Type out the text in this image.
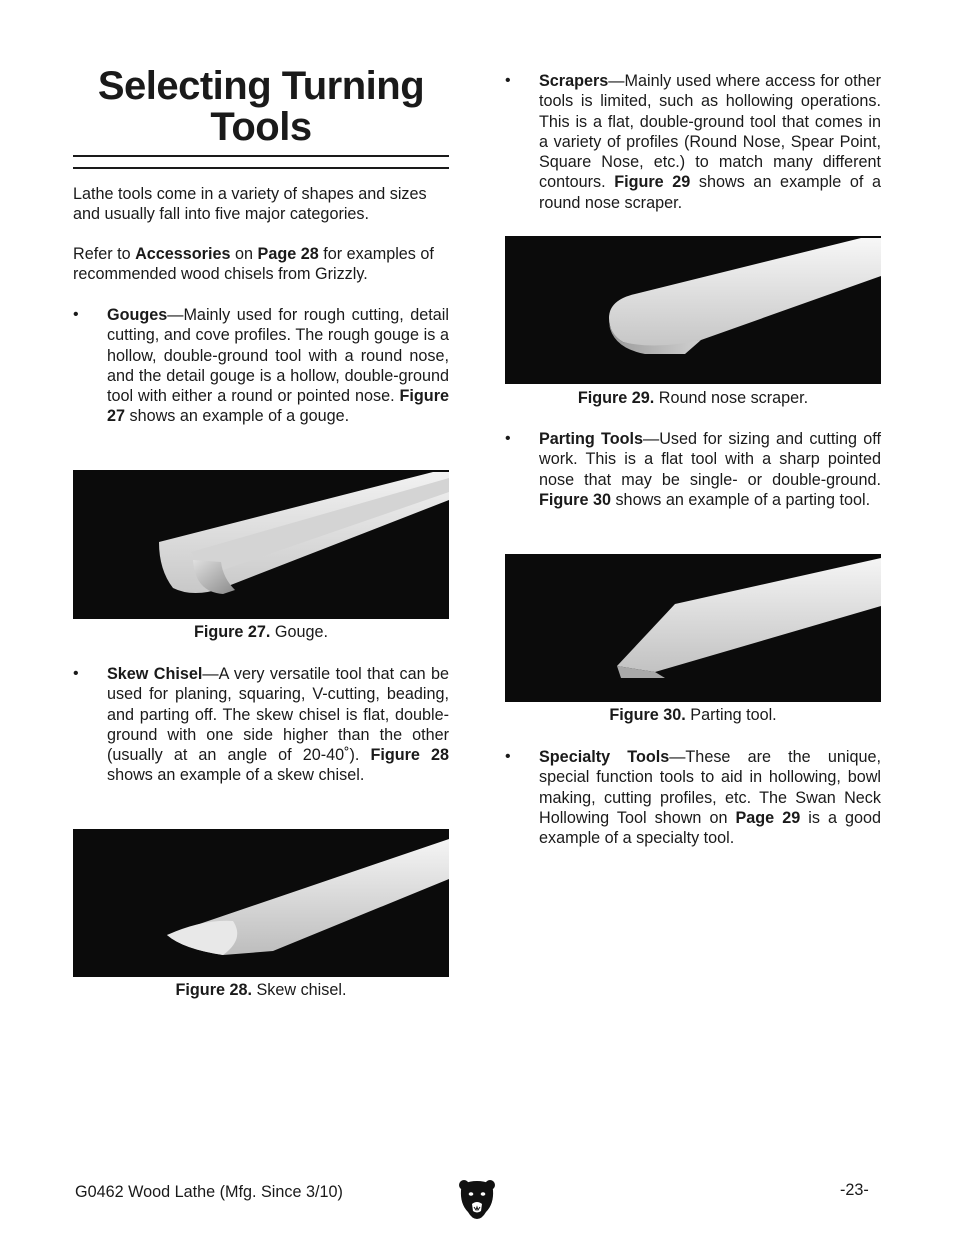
Selecting Turning
Tools
Lathe tools come in a variety of shapes and sizes and usually fall into five major categories.
Refer to Accessories on Page 28 for examples of recommended wood chisels from Grizzly.
• Gouges—Mainly used for rough cutting, detail cutting, and cove profiles. The rough gouge is a hollow, double-ground tool with a round nose, and the detail gouge is a hollow, double-ground tool with either a round or pointed nose. Figure 27 shows an example of a gouge.
Figure 27. Gouge.
• Skew Chisel—A very versatile tool that can be used for planing, squaring, V-cutting, beading, and parting off. The skew chisel is flat, double-ground with one side higher than the other (usually at an angle of 20-40˚). Figure 28 shows an example of a skew chisel.
Figure 28. Skew chisel.
• Scrapers—Mainly used where access for other tools is limited, such as hollowing operations. This is a flat, double-ground tool that comes in a variety of profiles (Round Nose, Spear Point, Square Nose, etc.) to match many different contours. Figure 29 shows an example of a round nose scraper.
Figure 29. Round nose scraper.
• Parting Tools—Used for sizing and cutting off work. This is a flat tool with a sharp pointed nose that may be single- or double-ground. Figure 30 shows an example of a parting tool.
Figure 30. Parting tool.
• Specialty Tools—These are the unique, special function tools to aid in hollowing, bowl making, cutting profiles, etc. The Swan Neck Hollowing Tool shown on Page 29 is a good example of a specialty tool.
G0462 Wood Lathe (Mfg. Since 3/10)	-23-
